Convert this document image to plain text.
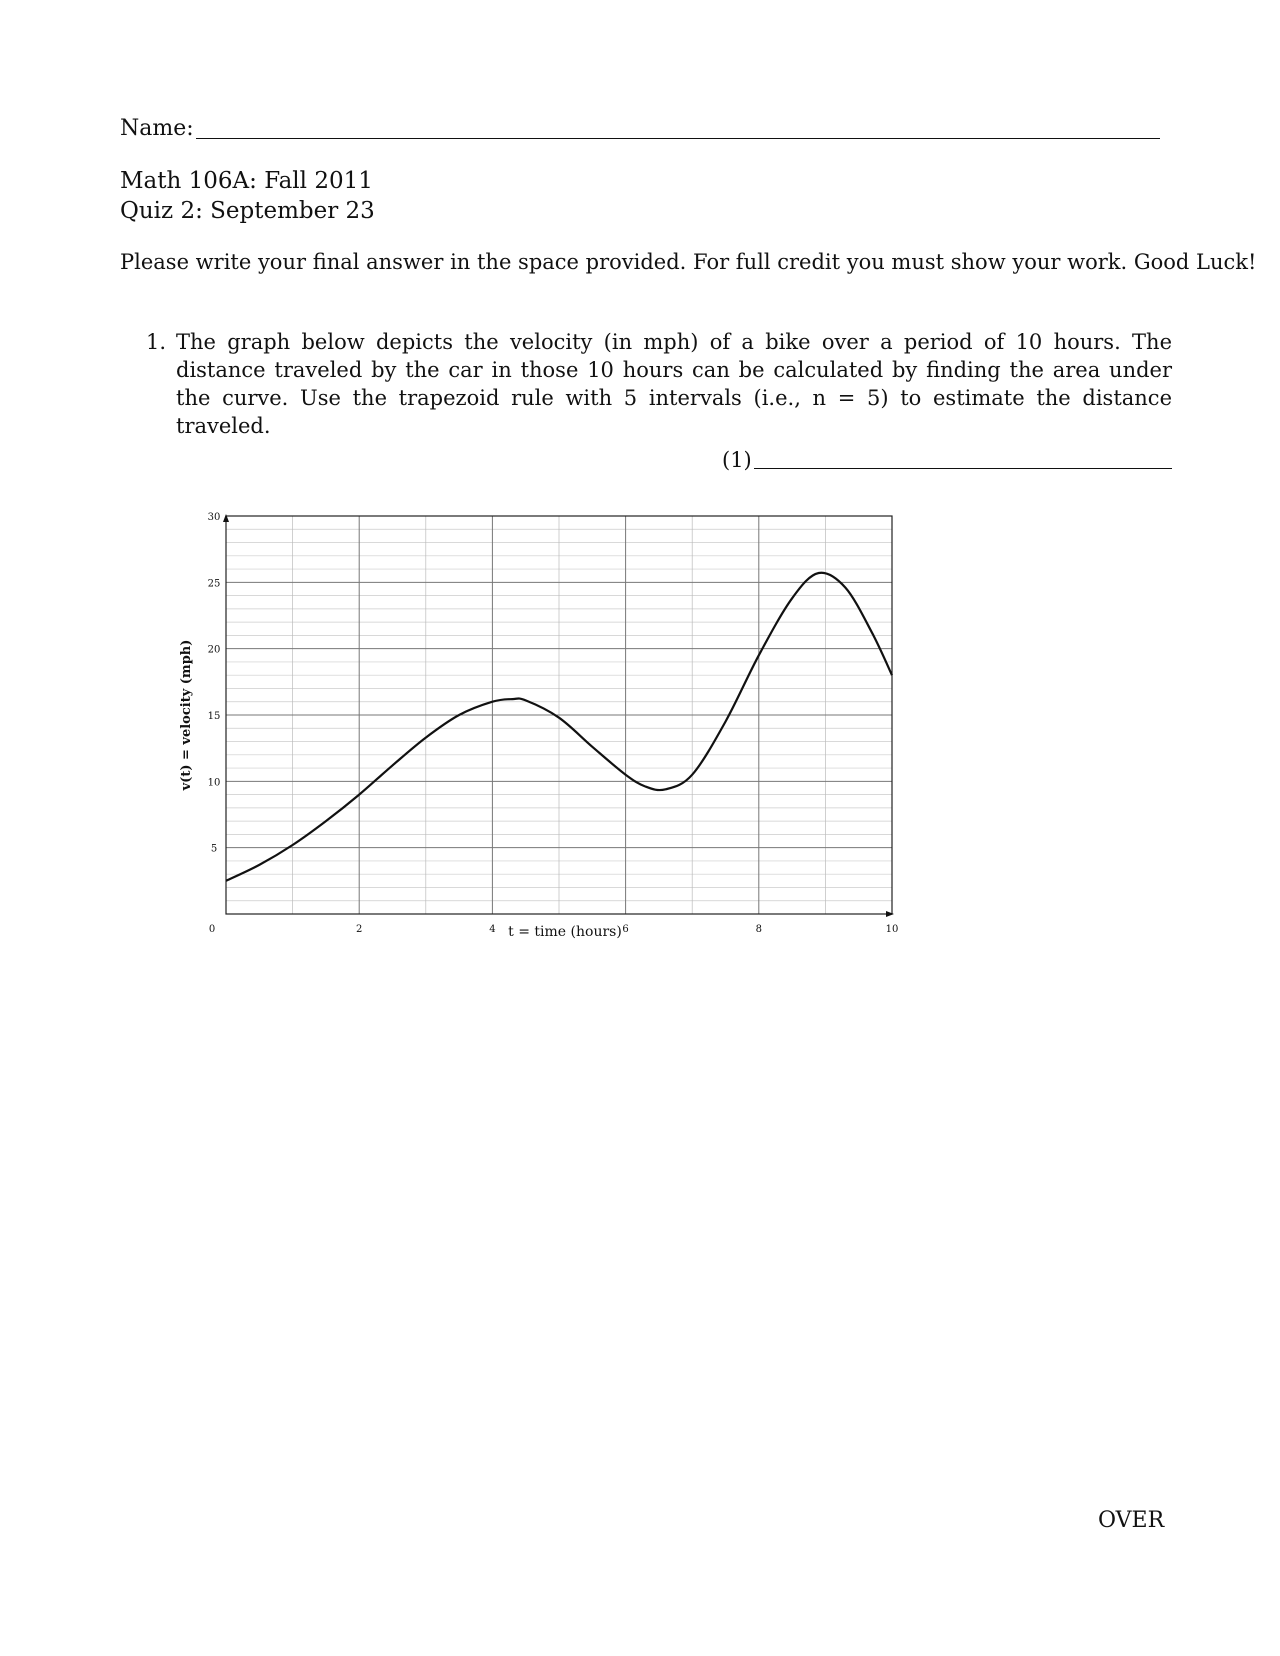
Name:
Math 106A: Fall 2011
Quiz 2: September 23
Please write your final answer in the space provided. For full credit you must show your work. Good Luck!
1. The graph below depicts the velocity (in mph) of a bike over a period of 10 hours. The distance traveled by the car in those 10 hours can be calculated by finding the area under the curve. Use the trapezoid rule with 5 intervals (i.e., n = 5) to estimate the distance traveled.
(1)
0	2	4	6	8	10
5
10
15
20
25
30
t = time (hours)
v(t) = velocity (mph)
OVER
